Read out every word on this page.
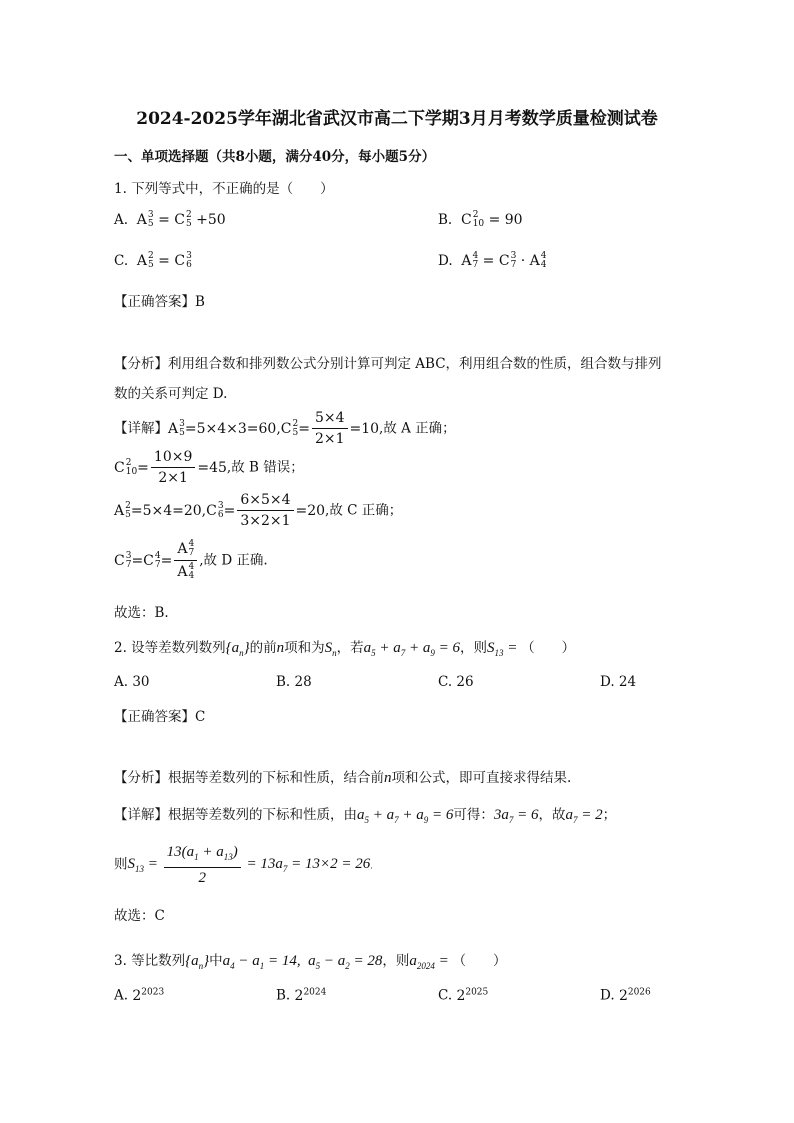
2024-2025学年湖北省武汉市高二下学期3月月考数学质量检测试卷
一、单项选择题（共8小题，满分40分，每小题5分）
1. 下列等式中，不正确的是（　　）
A.  A 3
5 = C 2
5 +50	B.  C 2
10 = 90
C.  A 2
5 = C 3
6	D.  A 4
7 = C 3
7 · A 4
4
【正确答案】B
【分析】利用组合数和排列数公式分别计算可判定 ABC，利用组合数的性质，组合数与排列
数的关系可判定 D.
【详解】A 3
5 =5×4×3=60,C 2
$5 = \frac{5\times 4}{2\times 1} =10$,故 A 正确；
C 2
$10 = \frac{10\times 9}{2\times 1} =45$,故 B 错误；
A 2
5 =5×4=20,C 3
$6 = \frac{6\times 5\times 4}{3\times 2\times 1} =20$,故 C 正确；
C 3
7 =C 4
7 = A 4
7
A 4
4 ,故 D 正确.
故选：B.
2. 设等差数列数列$\{a_n\}$的前n项和为$S_n$，若$a_5 + a_7 + a_9 = 6$，则$S_{13}$ = （　　）
A. 30	B. 28	C. 26	D. 24
【正确答案】C
【分析】根据等差数列的下标和性质，结合前n项和公式，即可直接求得结果.
【详解】根据等差数列的下标和性质，由$a_5 + a_7 + a_9 = 6$可得：$3a_7 = 6$，故$a_7 = 2$；
则$S_{13} = \frac{13(a_1 + a_{13})}{2} = 13a_7 = 13\times 2 = 26$.
故选：C
3. 等比数列$\{a_n\}$中$a_4 - a_1 = 14$,  $a_5 - a_2 = 28$，则$a_{2024}$ = （　　）
A. $2^{2023}$	B. $2^{2024}$	C. $2^{2025}$	D. $2^{2026}$
